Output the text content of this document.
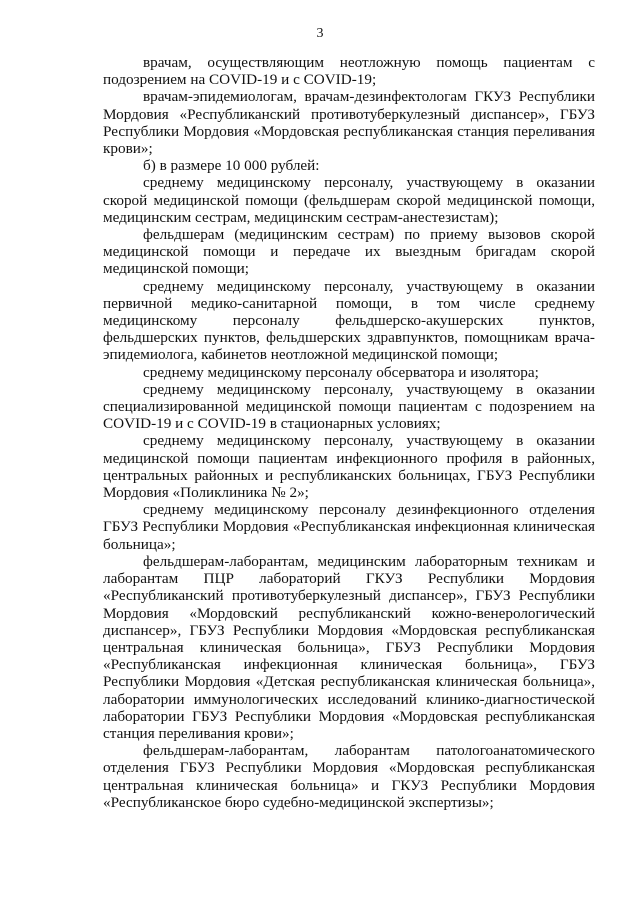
3

врачам, осуществляющим неотложную помощь пациентам с подозрением на COVID-19 и с COVID-19;

врачам-эпидемиологам, врачам-дезинфектологам ГКУЗ Республики Мордовия «Республиканский противотуберкулезный диспансер», ГБУЗ Республики Мордовия «Мордовская республиканская станция переливания крови»;

б) в размере 10 000 рублей:

среднему медицинскому персоналу, участвующему в оказании скорой медицинской помощи (фельдшерам скорой медицинской помощи, медицинским сестрам, медицинским сестрам-анестезистам);

фельдшерам (медицинским сестрам) по приему вызовов скорой медицинской помощи и передаче их выездным бригадам скорой медицинской помощи;

среднему медицинскому персоналу, участвующему в оказании первичной медико-санитарной помощи, в том числе среднему медицинскому персоналу фельдшерско-акушерских пунктов, фельдшерских пунктов, фельдшерских здравпунктов, помощникам врача-эпидемиолога, кабинетов неотложной медицинской помощи;

среднему медицинскому персоналу обсерватора и изолятора;

среднему медицинскому персоналу, участвующему в оказании специализированной медицинской помощи пациентам с подозрением на COVID-19 и с COVID-19 в стационарных условиях;

среднему медицинскому персоналу, участвующему в оказании медицинской помощи пациентам инфекционного профиля в районных, центральных районных и республиканских больницах, ГБУЗ Республики Мордовия «Поликлиника № 2»;

среднему медицинскому персоналу дезинфекционного отделения ГБУЗ Республики Мордовия «Республиканская инфекционная клиническая больница»;

фельдшерам-лаборантам, медицинским лабораторным техникам и лаборантам ПЦР лабораторий ГКУЗ Республики Мордовия «Республиканский противотуберкулезный диспансер», ГБУЗ Республики Мордовия «Мордовский республиканский кожно-венерологический диспансер», ГБУЗ Республики Мордовия «Мордовская республиканская центральная клиническая больница», ГБУЗ Республики Мордовия «Республиканская инфекционная клиническая больница», ГБУЗ Республики Мордовия «Детская республиканская клиническая больница», лаборатории иммунологических исследований клинико-диагностической лаборатории ГБУЗ Республики Мордовия «Мордовская республиканская станция переливания крови»;

фельдшерам-лаборантам, лаборантам патологоанатомического отделения ГБУЗ Республики Мордовия «Мордовская республиканская центральная клиническая больница» и ГКУЗ Республики Мордовия «Республиканское бюро судебно-медицинской экспертизы»;
